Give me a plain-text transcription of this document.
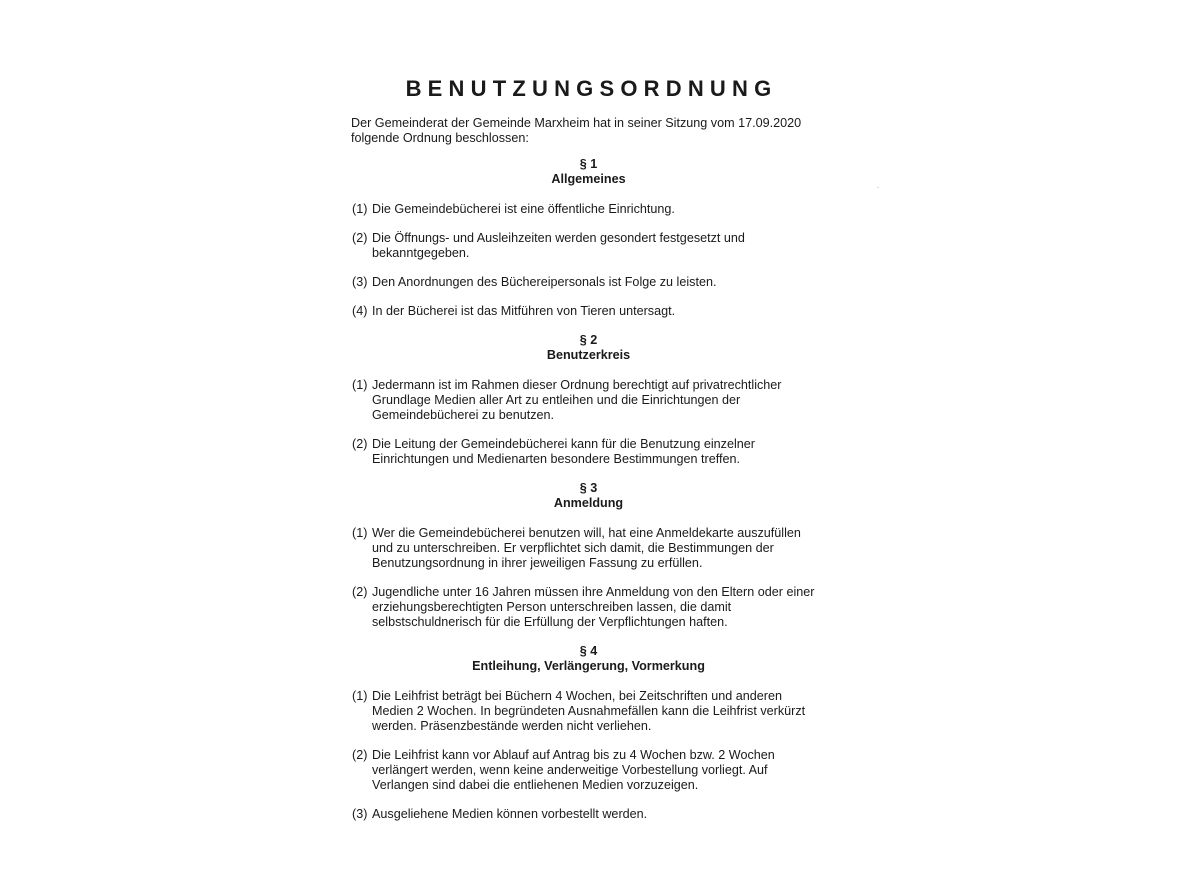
BENUTZUNGSORDNUNG

Der Gemeinderat der Gemeinde Marxheim hat in seiner Sitzung vom 17.09.2020
folgende Ordnung beschlossen:

§ 1
Allgemeines
(1) Die Gemeindebücherei ist eine öffentliche Einrichtung.
(2) Die Öffnungs- und Ausleihzeiten werden gesondert festgesetzt und
bekanntgegeben.
(3) Den Anordnungen des Büchereipersonals ist Folge zu leisten.
(4) In der Bücherei ist das Mitführen von Tieren untersagt.
§ 2
Benutzerkreis
(1) Jedermann ist im Rahmen dieser Ordnung berechtigt auf privatrechtlicher
Grundlage Medien aller Art zu entleihen und die Einrichtungen der
Gemeindebücherei zu benutzen.
(2) Die Leitung der Gemeindebücherei kann für die Benutzung einzelner
Einrichtungen und Medienarten besondere Bestimmungen treffen.
§ 3
Anmeldung
(1) Wer die Gemeindebücherei benutzen will, hat eine Anmeldekarte auszufüllen
und zu unterschreiben. Er verpflichtet sich damit, die Bestimmungen der
Benutzungsordnung in ihrer jeweiligen Fassung zu erfüllen.
(2) Jugendliche unter 16 Jahren müssen ihre Anmeldung von den Eltern oder einer
erziehungsberechtigten Person unterschreiben lassen, die damit
selbstschuldnerisch für die Erfüllung der Verpflichtungen haften.
§ 4
Entleihung, Verlängerung, Vormerkung
(1) Die Leihfrist beträgt bei Büchern 4 Wochen, bei Zeitschriften und anderen
Medien 2 Wochen. In begründeten Ausnahmefällen kann die Leihfrist verkürzt
werden. Präsenzbestände werden nicht verliehen.
(2) Die Leihfrist kann vor Ablauf auf Antrag bis zu 4 Wochen bzw. 2 Wochen
verlängert werden, wenn keine anderweitige Vorbestellung vorliegt. Auf
Verlangen sind dabei die entliehenen Medien vorzuzeigen.
(3) Ausgeliehene Medien können vorbestellt werden.
